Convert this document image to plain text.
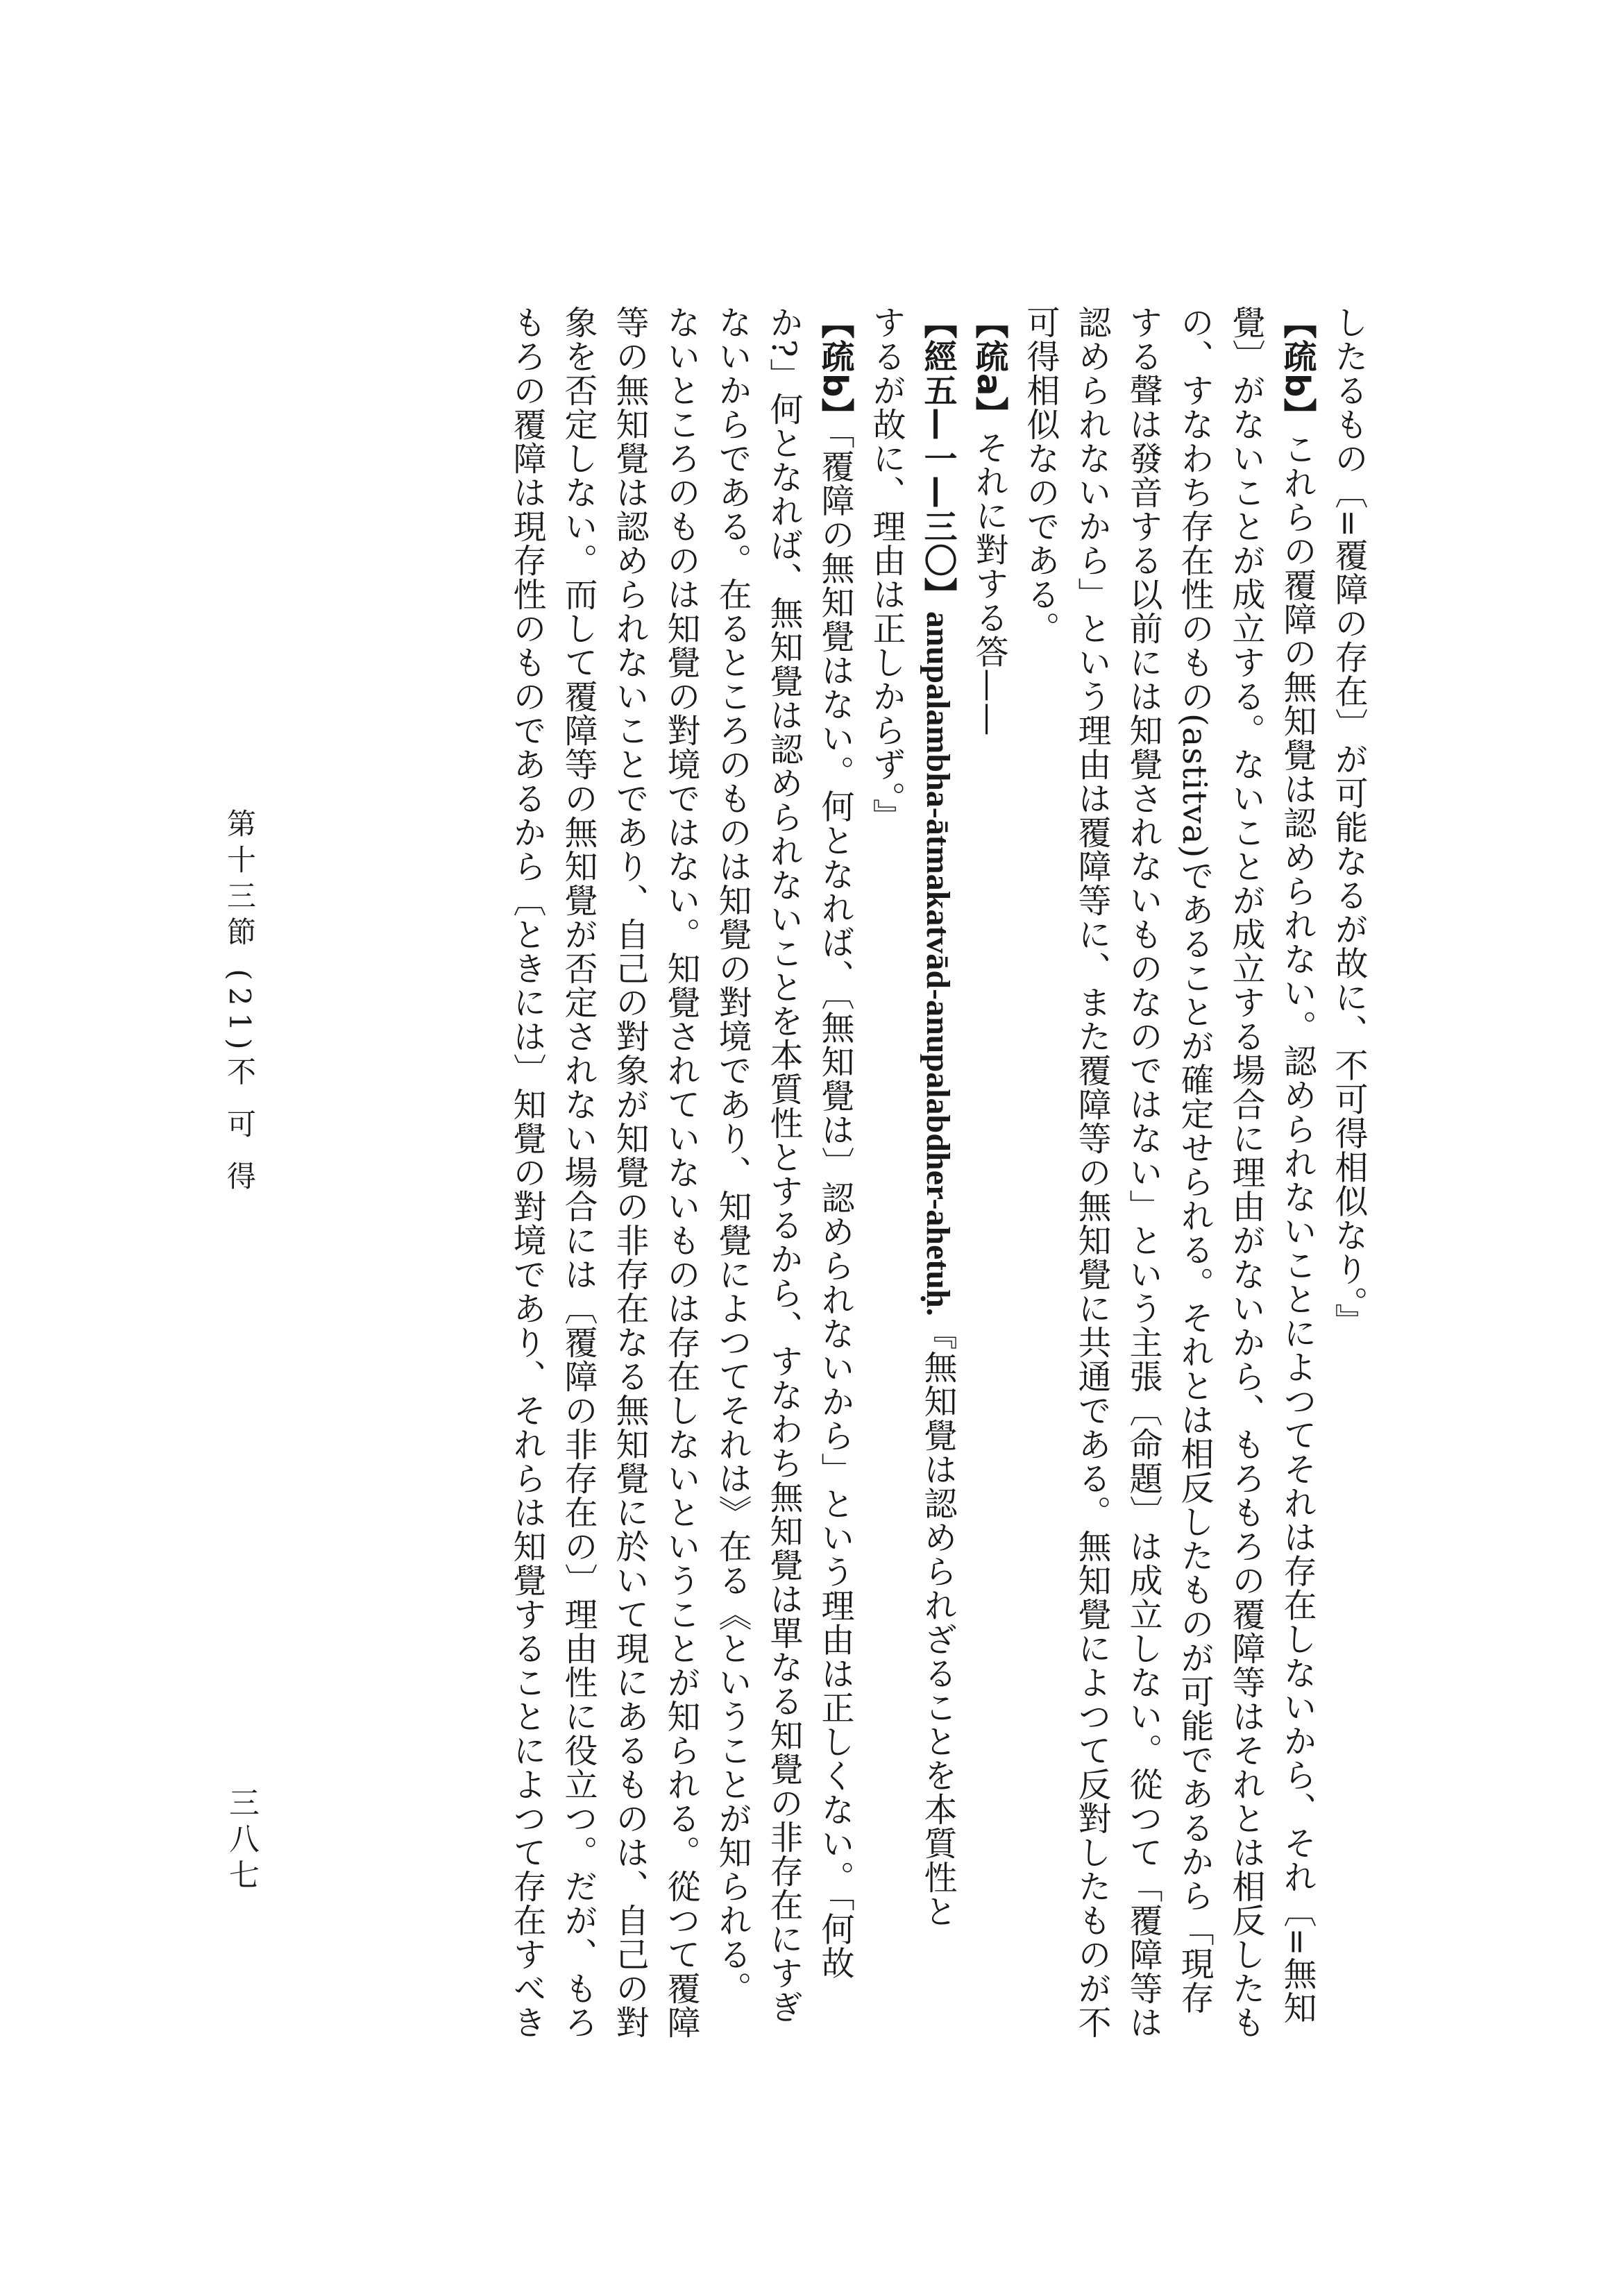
したるもの〔=覆障の存在〕が可能なるが故に、不可得相似なり。』
【疏b】これらの覆障の無知覺は認められない。認められないことによつてそれは存在しないから、それ〔=無知
覺〕がないことが成立する。ないことが成立する場合に理由がないから、もろもろの覆障等はそれとは相反したも
の、すなわち存在性のもの(astitva)であることが確定せられる。それとは相反したものが可能であるから「現存
する聲は發音する以前には知覺されないものなのではない」という主張〔命題〕は成立しない。從つて「覆障等は
認められないから」という理由は覆障等に、また覆障等の無知覺に共通である。無知覺によつて反對したものが不
可得相似なのである。
【疏a】それに對する答——
【經五—一—三〇】anupalambha-ātmakatvād-anupalabdher-ahetuḥ.『無知覺は認められざることを本質性と
するが故に、理由は正しからず。』
【疏b】「覆障の無知覺はない。何となれば、〔無知覺は〕認められないから」という理由は正しくない。「何故
か?」何となれば、無知覺は認められないことを本質性とするから、すなわち無知覺は單なる知覺の非存在にすぎ
ないからである。在るところのものは知覺の對境であり、知覺によつてそれは》在る《ということが知られる。
ないところのものは知覺の對境ではない。知覺されていないものは存在しないということが知られる。從つて覆障
等の無知覺は認められないことであり、自己の對象が知覺の非存在なる無知覺に於いて現にあるものは、自己の對
象を否定しない。而して覆障等の無知覺が否定されない場合には〔覆障の非存在の〕理由性に役立つ。だが、もろ
もろの覆障は現存性のものであるから〔ときには〕知覺の對境であり、それらは知覺することによつて存在すべき
第十三節 (21)不 可 得
三八七
